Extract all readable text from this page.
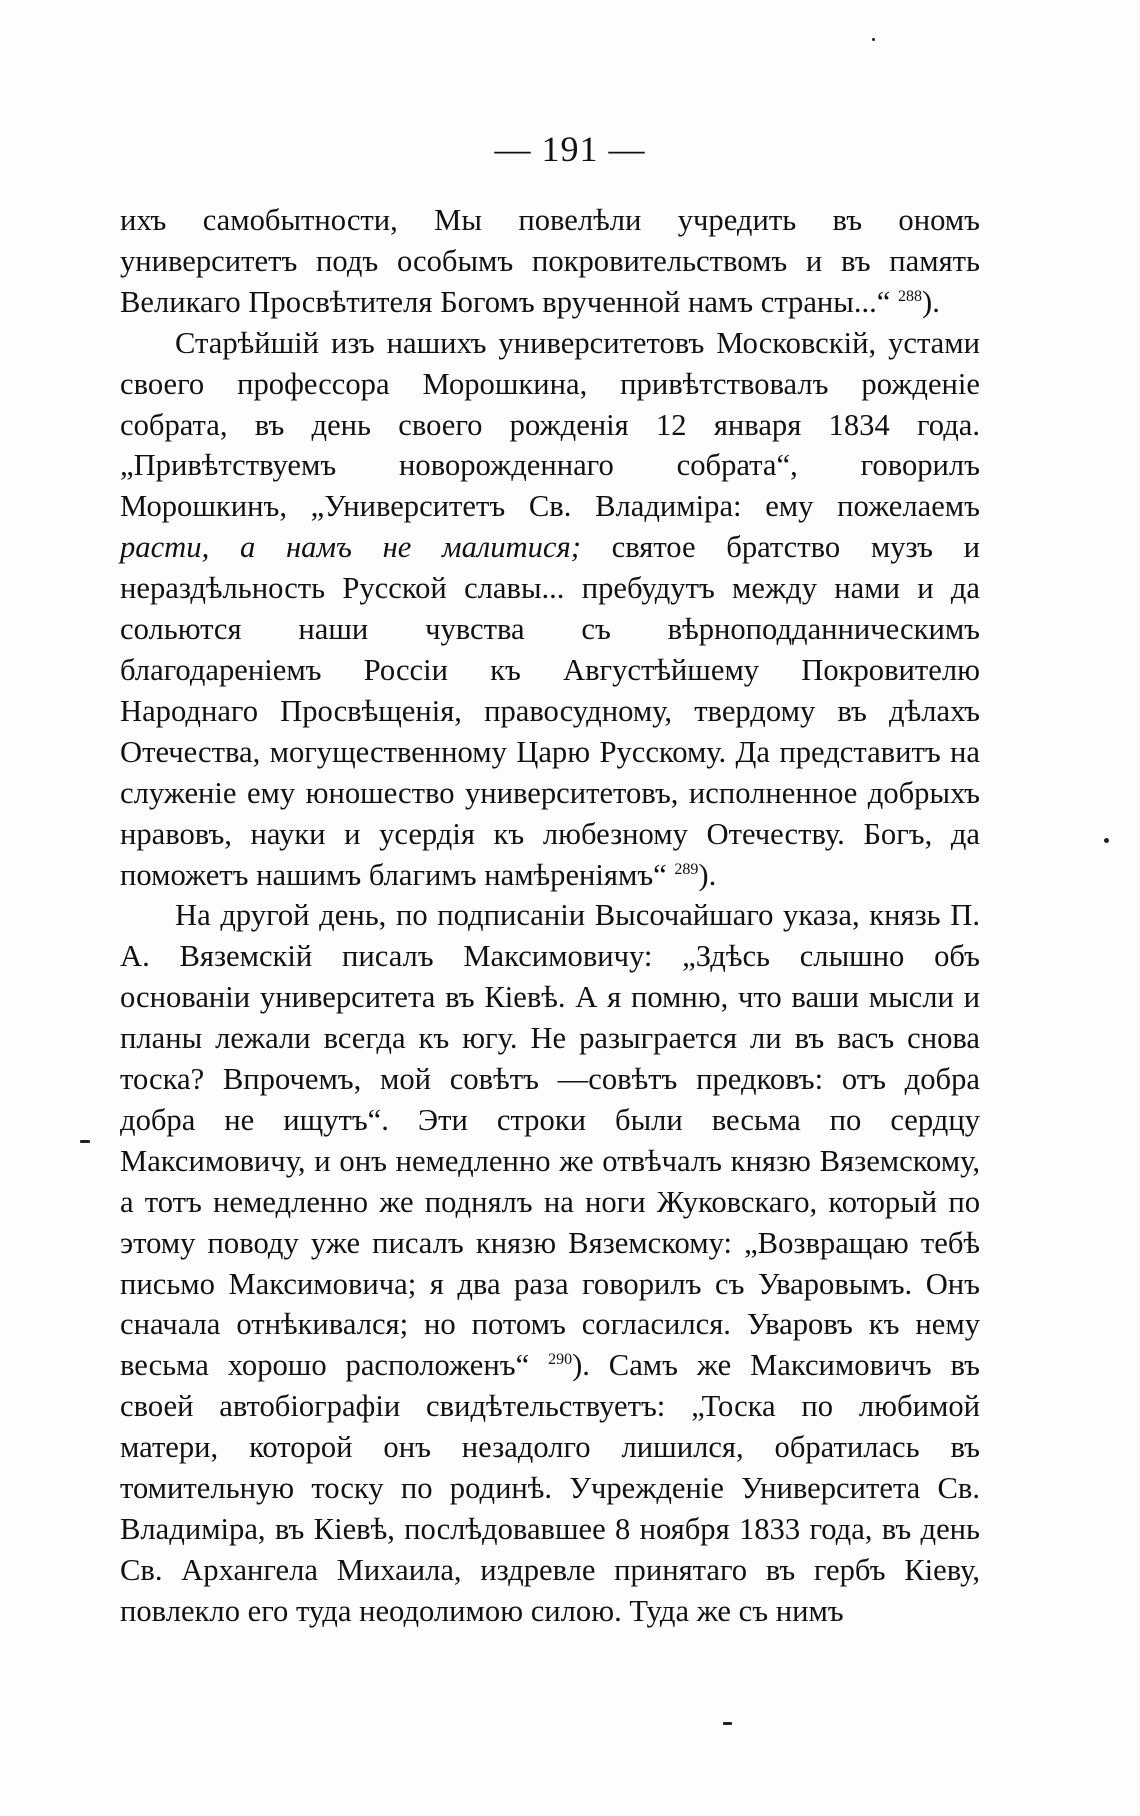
— 191 —

ихъ самобытности, Мы повелѣли учредить въ ономъ университетъ подъ особымъ покровительствомъ и въ память Великаго Просвѣтителя Богомъ врученной намъ страны...“ $^{288}$).

Старѣйшій изъ нашихъ университетовъ Московскій, устами своего профессора Морошкина, привѣтствовалъ рожденіе собрата, въ день своего рожденія 12 января 1834 года. „Привѣтствуемъ новорожденнаго собрата“, говорилъ Морошкинъ, „Университетъ Св. Владиміра: ему пожелаемъ расти, а намъ не малитися; святое братство музъ и нераздѣльность Русской славы... пребудутъ между нами и да сольются наши чувства съ вѣрноподданническимъ благодареніемъ Россіи къ Августѣйшему Покровителю Народнаго Просвѣщенія, правосудному, твердому въ дѣлахъ Отечества, могущественному Царю Русскому. Да представитъ на служеніе ему юношество университетовъ, исполненное добрыхъ нравовъ, науки и усердія къ любезному Отечеству. Богъ, да поможетъ нашимъ благимъ намѣреніямъ“ $^{289}$).

На другой день, по подписаніи Высочайшаго указа, князь П. А. Вяземскій писалъ Максимовичу: „Здѣсь слышно объ основаніи университета въ Кіевѣ. А я помню, что ваши мысли и планы лежали всегда къ югу. Не разыграется ли въ васъ снова тоска? Впрочемъ, мой совѣтъ —совѣтъ предковъ: отъ добра добра не ищутъ“. Эти строки были весьма по сердцу Максимовичу, и онъ немедленно же отвѣчалъ князю Вяземскому, а тотъ немедленно же поднялъ на ноги Жуковскаго, который по этому поводу уже писалъ князю Вяземскому: „Возвращаю тебѣ письмо Максимовича; я два раза говорилъ съ Уваровымъ. Онъ сначала отнѣкивался; но потомъ согласился. Уваровъ къ нему весьма хорошо расположенъ“ $^{290}$). Самъ же Максимовичъ въ своей автобіографіи свидѣтельствуетъ: „Тоска по любимой матери, которой онъ незадолго лишился, обратилась въ томительную тоску по родинѣ. Учрежденіе Университета Св. Владиміра, въ Кіевѣ, послѣдовавшее 8 ноября 1833 года, въ день Св. Архангела Михаила, издревле принятаго въ гербъ Кіеву, повлекло его туда неодолимою силою. Туда же съ нимъ
